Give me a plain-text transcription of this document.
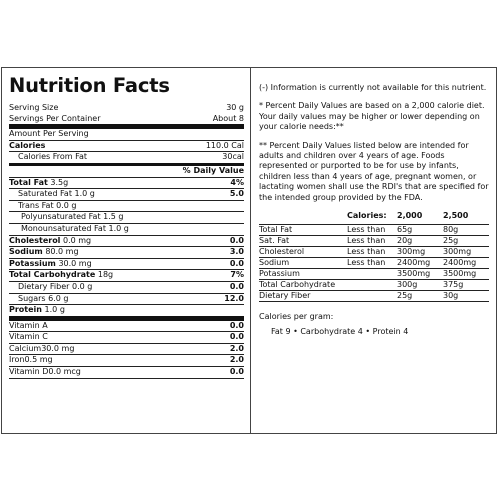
Nutrition Facts
Serving Size	30 g
Servings Per Container	About 8
Amount Per Serving
Calories	110.0 Cal
Calories From Fat	30cal
% Daily Value
Total Fat 3.5g	4%
Saturated Fat 1.0 g	5.0
Trans Fat 0.0 g
Polyunsaturated Fat 1.5 g
Monounsaturated Fat 1.0 g
Cholesterol 0.0 mg	0.0
Sodium 80.0 mg	3.0
Potassium 30.0 mg	0.0
Total Carbohydrate 18g	7%
Dietary Fiber 0.0 g	0.0
Sugars 6.0 g	12.0
Protein 1.0 g
Vitamin A	0.0
Vitamin C	0.0
Calcium30.0 mg	2.0
Iron0.5 mg	2.0
Vitamin D0.0 mcg	0.0

(-) Information is currently not available for this nutrient.

* Percent Daily Values are based on a 2,000 calorie diet. Your daily values may be higher or lower depending on your calorie needs:**

** Percent Daily Values listed below are intended for adults and children over 4 years of age. Foods represented or purported to be for use by infants, children less than 4 years of age, pregnant women, or lactating women shall use the RDI's that are specified for the intended group provided by the FDA.

	Calories:	2,000	2,500
Total Fat	Less than	65g	80g
Sat. Fat	Less than	20g	25g
Cholesterol	Less than	300mg	300mg
Sodium	Less than	2400mg	2400mg
Potassium		3500mg	3500mg
Total Carbohydrate		300g	375g
Dietary Fiber		25g	30g
Calories per gram:
Fat 9 • Carbohydrate 4 • Protein 4
